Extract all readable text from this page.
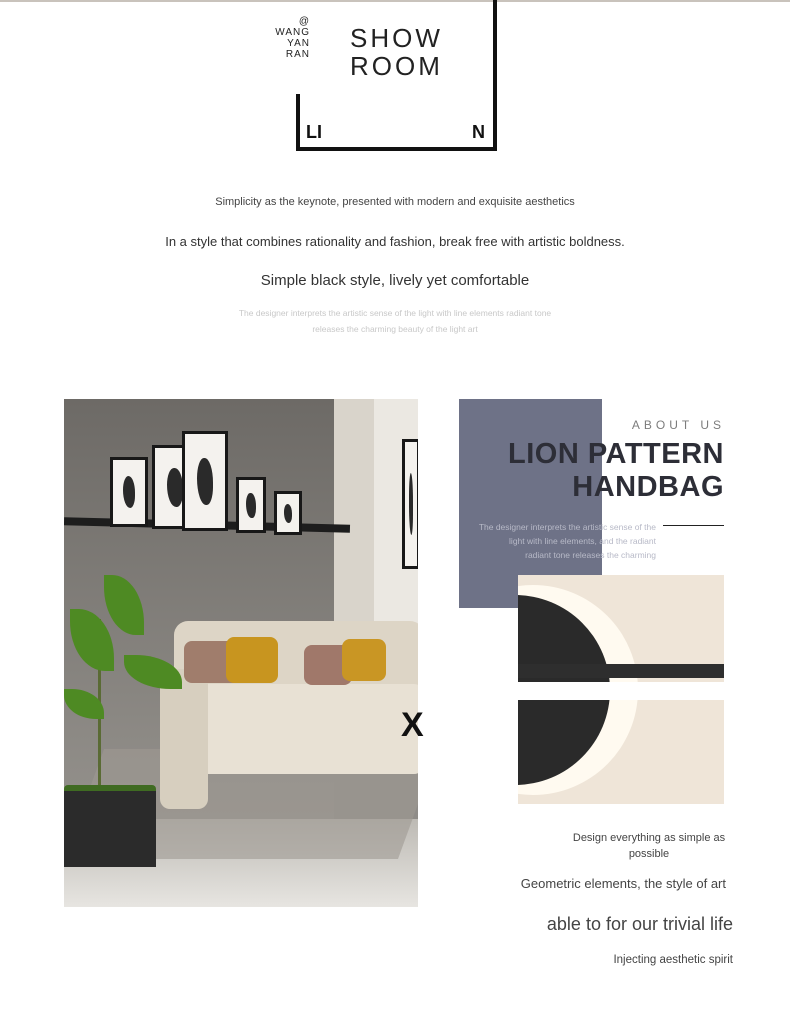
@
WANG
YAN
RAN
SHOW
ROOM
LI	N
Simplicity as the keynote, presented with modern and exquisite aesthetics
In a style that combines rationality and fashion, break free with artistic boldness.
Simple black style, lively yet comfortable
The designer interprets the artistic sense of the light with line elements radiant tone
releases the charming beauty of the light art
X
ABOUT US
LION PATTERN
HANDBAG
The designer interprets the artistic sense of the
light with line elements, and the radiant
radiant tone releases the charming
Design everything as simple as
possible
Geometric elements, the style of art
able to for our trivial life
Injecting aesthetic spirit
